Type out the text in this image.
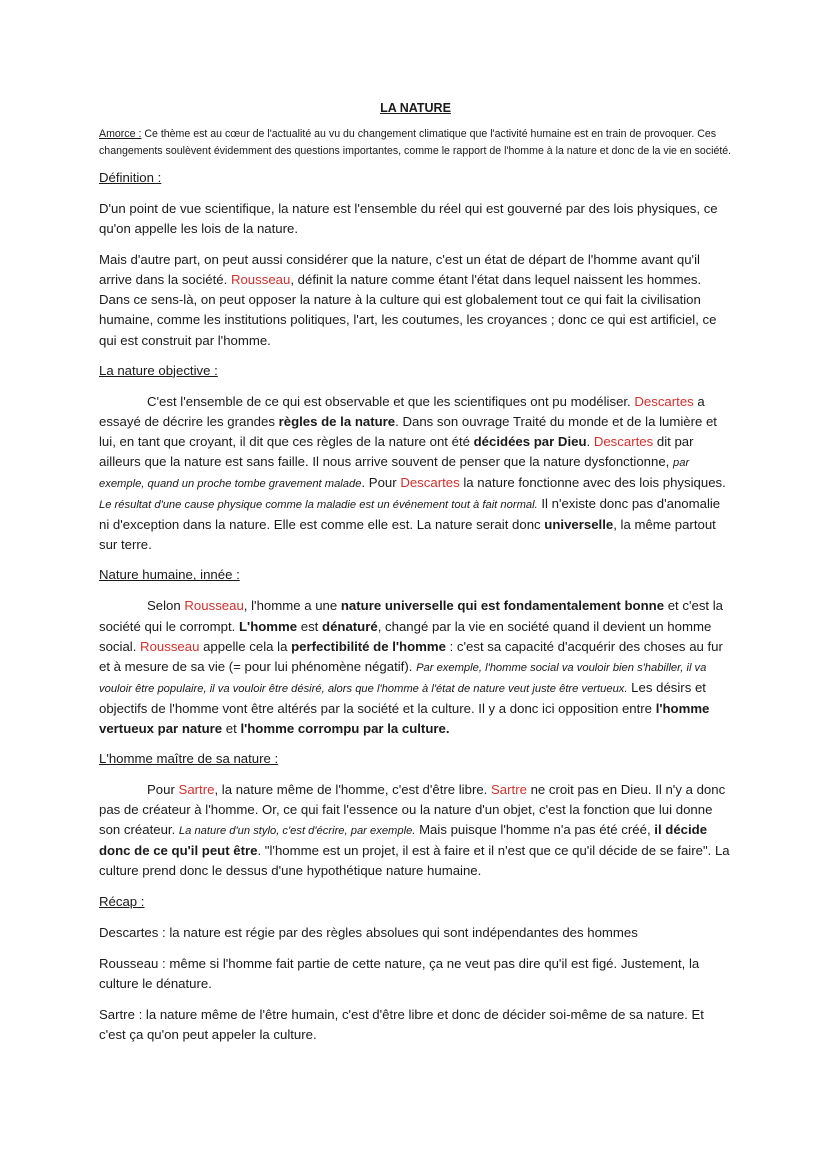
LA NATURE

Amorce : Ce thème est au cœur de l'actualité au vu du changement climatique que l'activité humaine est en train de provoquer. Ces changements soulèvent évidemment des questions importantes, comme le rapport de l'homme à la nature et donc de la vie en société.

Définition :

D'un point de vue scientifique, la nature est l'ensemble du réel qui est gouverné par des lois physiques, ce qu'on appelle les lois de la nature.

Mais d'autre part, on peut aussi considérer que la nature, c'est un état de départ de l'homme avant qu'il arrive dans la société. Rousseau, définit la nature comme étant l'état dans lequel naissent les hommes. Dans ce sens-là, on peut opposer la nature à la culture qui est globalement tout ce qui fait la civilisation humaine, comme les institutions politiques, l'art, les coutumes, les croyances ; donc ce qui est artificiel, ce qui est construit par l'homme.

La nature objective :

C'est l'ensemble de ce qui est observable et que les scientifiques ont pu modéliser. Descartes a essayé de décrire les grandes règles de la nature. Dans son ouvrage Traité du monde et de la lumière et lui, en tant que croyant, il dit que ces règles de la nature ont été décidées par Dieu. Descartes dit par ailleurs que la nature est sans faille. Il nous arrive souvent de penser que la nature dysfonctionne, par exemple, quand un proche tombe gravement malade. Pour Descartes la nature fonctionne avec des lois physiques. Le résultat d'une cause physique comme la maladie est un événement tout à fait normal. Il n'existe donc pas d'anomalie ni d'exception dans la nature. Elle est comme elle est. La nature serait donc universelle, la même partout sur terre.

Nature humaine, innée :

Selon Rousseau, l'homme a une nature universelle qui est fondamentalement bonne et c'est la société qui le corrompt. L'homme est dénaturé, changé par la vie en société quand il devient un homme social. Rousseau appelle cela la perfectibilité de l'homme : c'est sa capacité d'acquérir des choses au fur et à mesure de sa vie (= pour lui phénomène négatif). Par exemple, l'homme social va vouloir bien s'habiller, il va vouloir être populaire, il va vouloir être désiré, alors que l'homme à l'état de nature veut juste être vertueux. Les désirs et objectifs de l'homme vont être altérés par la société et la culture. Il y a donc ici opposition entre l'homme vertueux par nature et l'homme corrompu par la culture.

L'homme maître de sa nature :

Pour Sartre, la nature même de l'homme, c'est d'être libre. Sartre ne croit pas en Dieu. Il n'y a donc pas de créateur à l'homme. Or, ce qui fait l'essence ou la nature d'un objet, c'est la fonction que lui donne son créateur. La nature d'un stylo, c'est d'écrire, par exemple. Mais puisque l'homme n'a pas été créé, il décide donc de ce qu'il peut être. "l'homme est un projet, il est à faire et il n'est que ce qu'il décide de se faire". La culture prend donc le dessus d'une hypothétique nature humaine.

Récap :

Descartes : la nature est régie par des règles absolues qui sont indépendantes des hommes

Rousseau : même si l'homme fait partie de cette nature, ça ne veut pas dire qu'il est figé. Justement, la culture le dénature.

Sartre : la nature même de l'être humain, c'est d'être libre et donc de décider soi-même de sa nature. Et c'est ça qu'on peut appeler la culture.
